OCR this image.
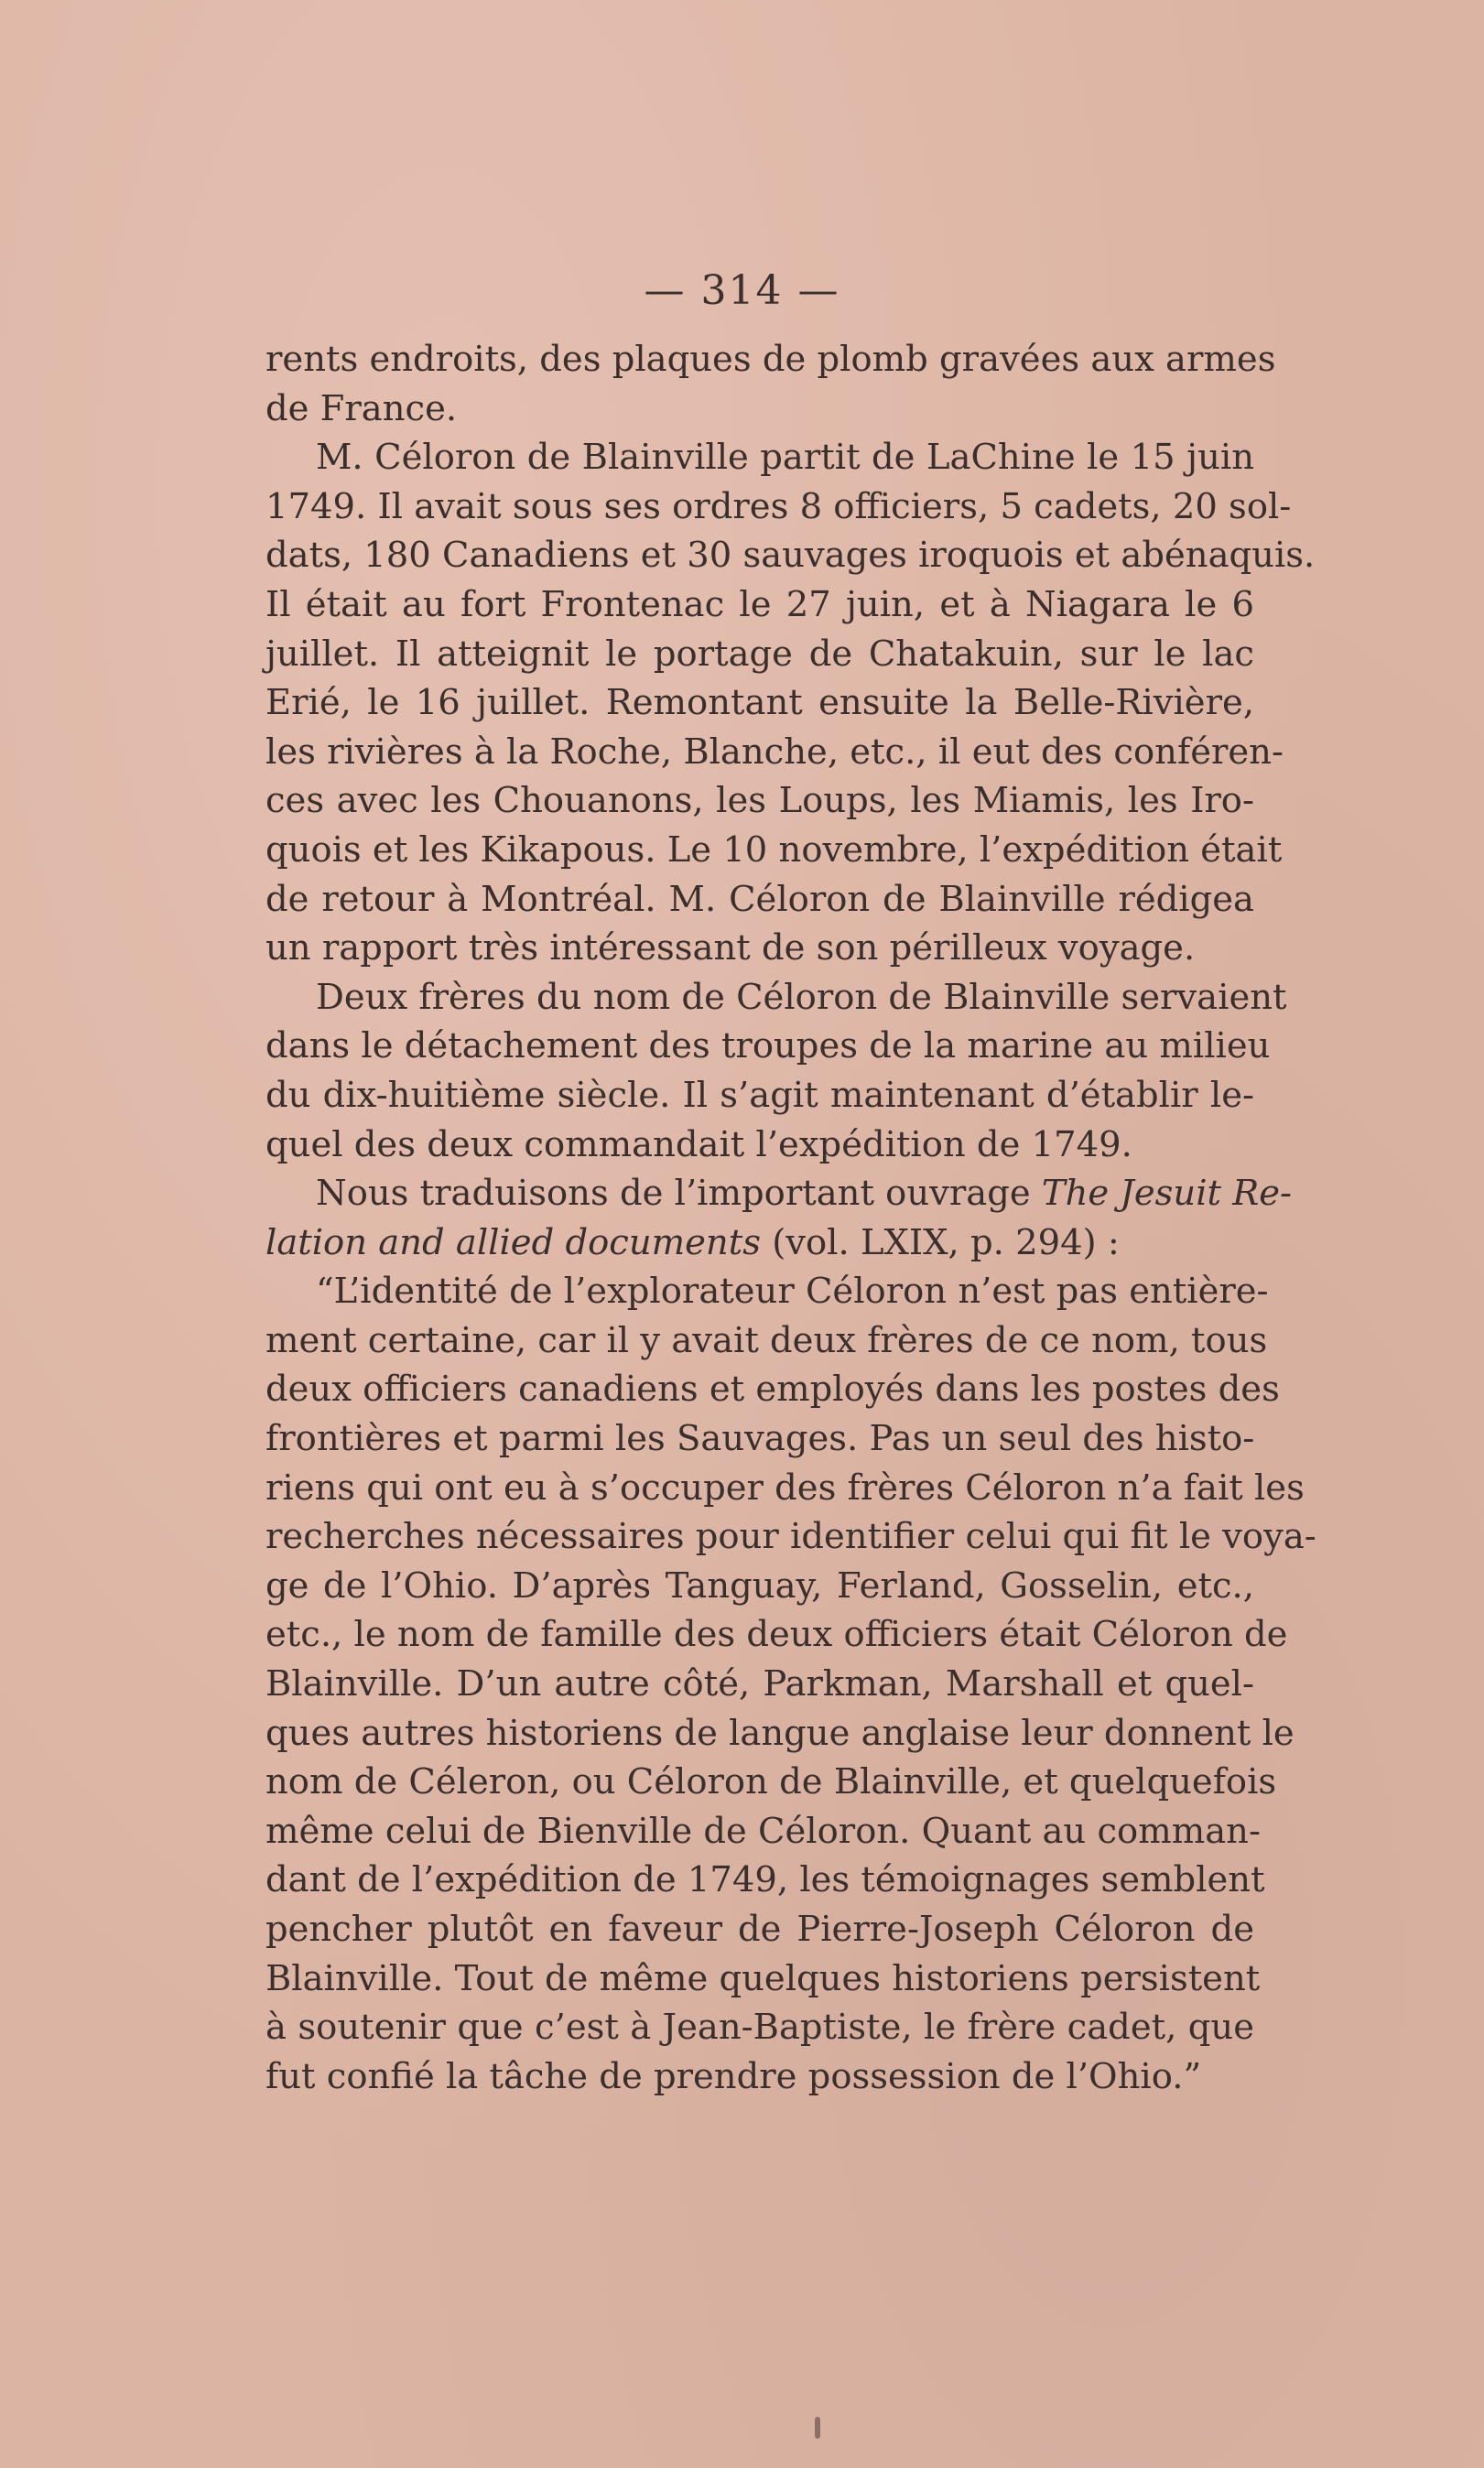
— 314 —
rents endroits, des plaques de plomb gravées aux armes
de France.
M. Céloron de Blainville partit de LaChine le 15 juin
1749. Il avait sous ses ordres 8 officiers, 5 cadets, 20 sol-
dats, 180 Canadiens et 30 sauvages iroquois et abénaquis.
Il était au fort Frontenac le 27 juin, et à Niagara le 6
juillet. Il atteignit le portage de Chatakuin, sur le lac
Erié, le 16 juillet. Remontant ensuite la Belle-Rivière,
les rivières à la Roche, Blanche, etc., il eut des conféren-
ces avec les Chouanons, les Loups, les Miamis, les Iro-
quois et les Kikapous. Le 10 novembre, l’expédition était
de retour à Montréal. M. Céloron de Blainville rédigea
un rapport très intéressant de son périlleux voyage.
Deux frères du nom de Céloron de Blainville servaient
dans le détachement des troupes de la marine au milieu
du dix-huitième siècle. Il s’agit maintenant d’établir le-
quel des deux commandait l’expédition de 1749.
Nous traduisons de l’important ouvrage The Jesuit Re-
lation and allied documents (vol. LXIX, p. 294) :
“L’identité de l’explorateur Céloron n’est pas entière-
ment certaine, car il y avait deux frères de ce nom, tous
deux officiers canadiens et employés dans les postes des
frontières et parmi les Sauvages. Pas un seul des histo-
riens qui ont eu à s’occuper des frères Céloron n’a fait les
recherches nécessaires pour identifier celui qui fit le voya-
ge de l’Ohio. D’après Tanguay, Ferland, Gosselin, etc.,
etc., le nom de famille des deux officiers était Céloron de
Blainville. D’un autre côté, Parkman, Marshall et quel-
ques autres historiens de langue anglaise leur donnent le
nom de Céleron, ou Céloron de Blainville, et quelquefois
même celui de Bienville de Céloron. Quant au comman-
dant de l’expédition de 1749, les témoignages semblent
pencher plutôt en faveur de Pierre-Joseph Céloron de
Blainville. Tout de même quelques historiens persistent
à soutenir que c’est à Jean-Baptiste, le frère cadet, que
fut confié la tâche de prendre possession de l’Ohio.”
